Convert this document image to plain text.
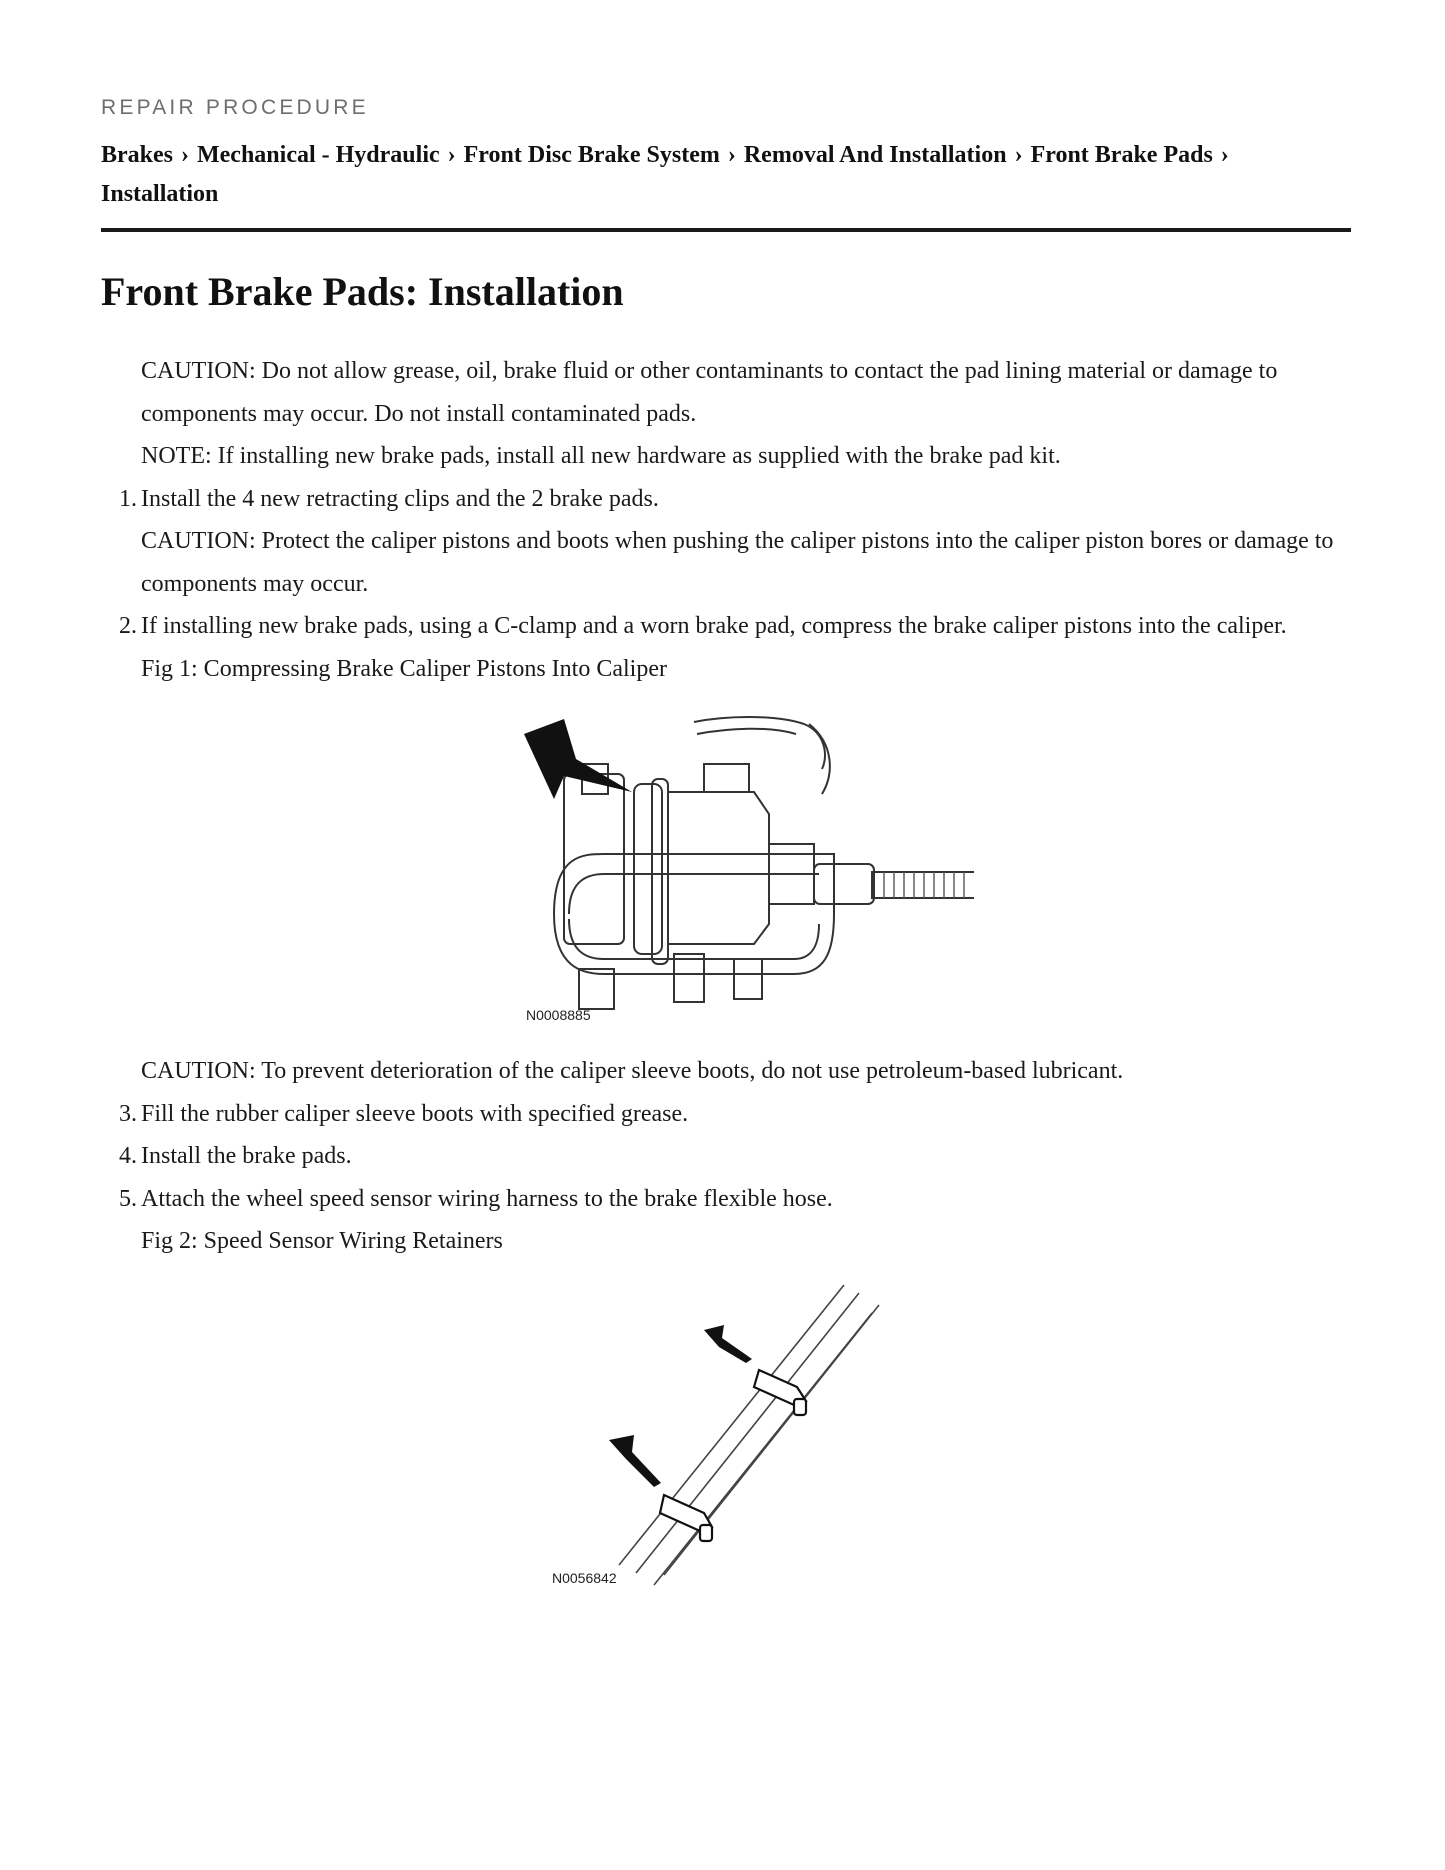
REPAIR PROCEDURE
Brakes › Mechanical - Hydraulic › Front Disc Brake System › Removal And Installation › Front Brake Pads › Installation
Front Brake Pads: Installation
CAUTION: Do not allow grease, oil, brake fluid or other contaminants to contact the pad lining material or damage to components may occur. Do not install contaminated pads.
NOTE: If installing new brake pads, install all new hardware as supplied with the brake pad kit.
1. Install the 4 new retracting clips and the 2 brake pads.
CAUTION: Protect the caliper pistons and boots when pushing the caliper pistons into the caliper piston bores or damage to components may occur.
2. If installing new brake pads, using a C-clamp and a worn brake pad, compress the brake caliper pistons into the caliper.
Fig 1: Compressing Brake Caliper Pistons Into Caliper
N0008885
CAUTION: To prevent deterioration of the caliper sleeve boots, do not use petroleum-based lubricant.
3. Fill the rubber caliper sleeve boots with specified grease.
4. Install the brake pads.
5. Attach the wheel speed sensor wiring harness to the brake flexible hose.
Fig 2: Speed Sensor Wiring Retainers
N0056842
